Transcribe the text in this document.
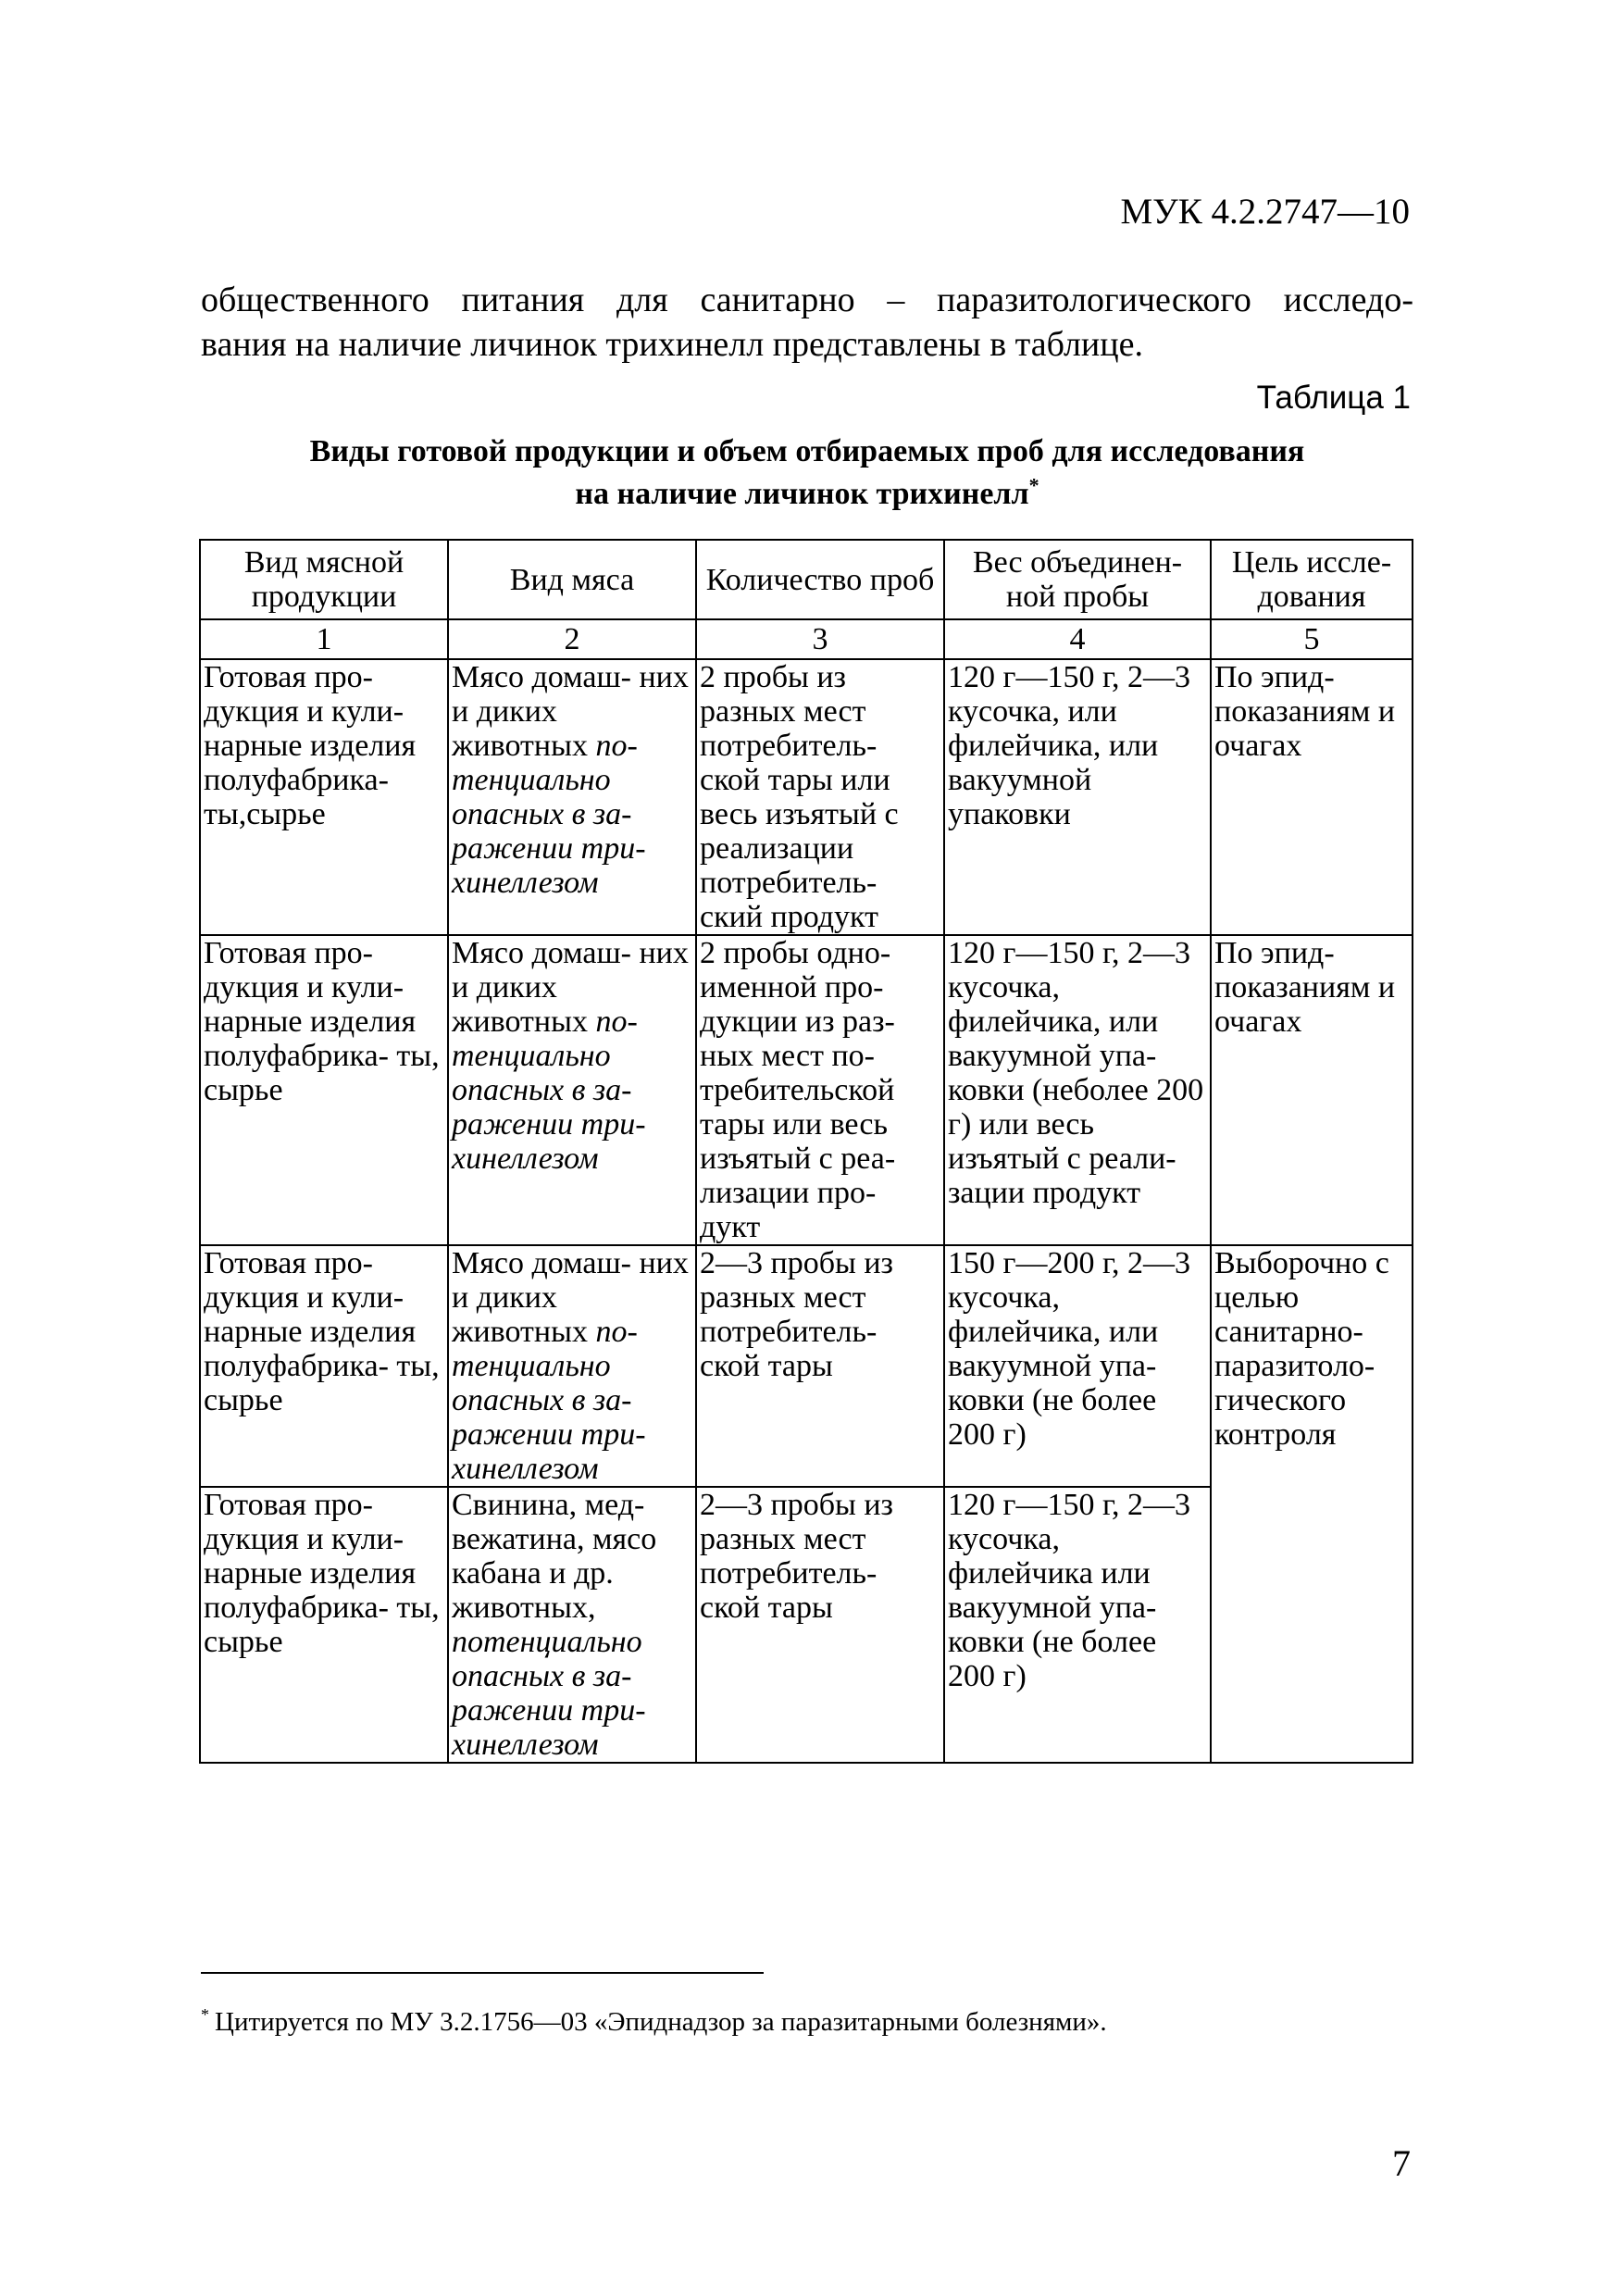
МУК 4.2.2747—10

общественного питания для санитарно – паразитологического исследо-

вания на наличие личинок трихинелл представлены в таблице.

Таблица 1
Виды готовой продукции и объем отбираемых проб для исследования
на наличие личинок трихинелл*
Вид мясной продукции	Вид мяса	Количество проб	Вес объединен- ной пробы	Цель иссле- дования
1	2	3	4	5
Готовая про- дукция и кули- нарные изделия полуфабрика- ты,сырье	Мясо домаш- них и диких животных по- тенциально опасных в за- ражении три- хинеллезом	2 пробы из разных мест потребитель- ской тары или весь изъятый с реализации потребитель- ский продукт	120 г—150 г, 2—3 кусочка, или филейчика, или вакуумной упаковки	По эпид- показаниям и очагах
Готовая про- дукция и кули- нарные изделия полуфабрика- ты, сырье	Мясо домаш- них и диких животных по- тенциально опасных в за- ражении три- хинеллезом	2 пробы одно- именной про- дукции из раз- ных мест по- требительской тары или весь изъятый с реа- лизации про- дукт	120 г—150 г, 2—3 кусочка, филейчика, или вакуумной упа- ковки (неболее 200 г) или весь изъятый с реали- зации продукт	По эпид- показаниям и очагах
Готовая про- дукция и кули- нарные изделия полуфабрика- ты, сырье	Мясо домаш- них и диких животных по- тенциально опасных в за- ражении три- хинеллезом	2—3 пробы из разных мест потребитель- ской тары	150 г—200 г, 2—3 кусочка, филейчика, или вакуумной упа- ковки (не более 200 г)	Выборочно с целью санитарно- паразитоло- гического контроля
Готовая про- дукция и кули- нарные изделия полуфабрика- ты, сырье	Свинина, мед- вежатина, мясо кабана и др. животных, потенциально опасных в за- ражении три- хинеллезом	2—3 пробы из разных мест потребитель- ской тары	120 г—150 г, 2—3 кусочка, филейчика или вакуумной упа- ковки (не более 200 г)	
* Цитируется по МУ 3.2.1756—03 «Эпиднадзор за паразитарными болезнями».
7
